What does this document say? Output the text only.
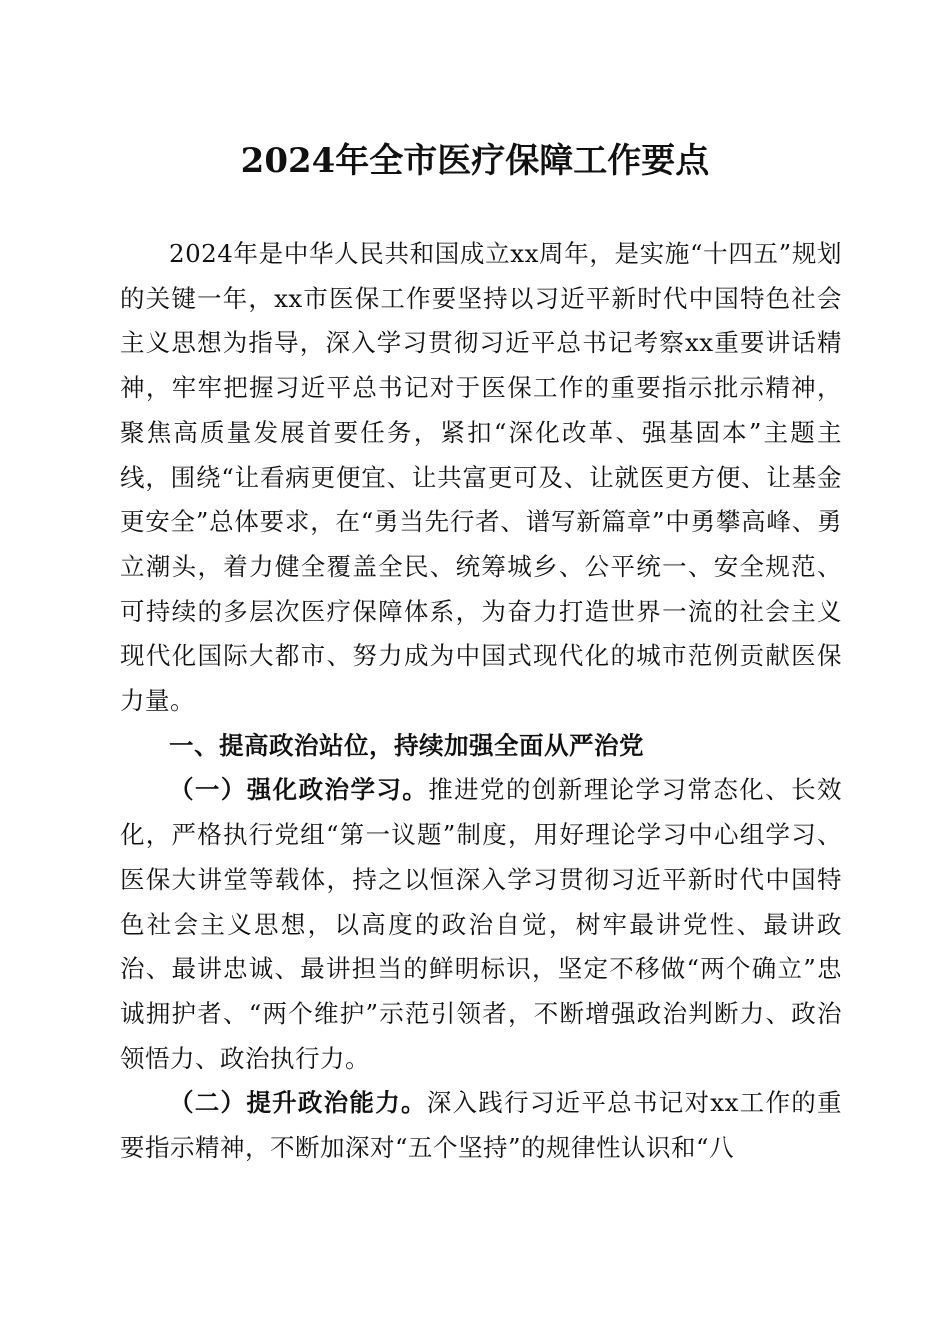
2024年全市医疗保障工作要点

2024年是中华人民共和国成立xx周年，是实施“十四五”规划的关键一年，xx市医保工作要坚持以习近平新时代中国特色社会主义思想为指导，深入学习贯彻习近平总书记考察xx重要讲话精神，牢牢把握习近平总书记对于医保工作的重要指示批示精神，聚焦高质量发展首要任务，紧扣“深化改革、强基固本”主题主线，围绕“让看病更便宜、让共富更可及、让就医更方便、让基金更安全”总体要求，在“勇当先行者、谱写新篇章”中勇攀高峰、勇立潮头，着力健全覆盖全民、统筹城乡、公平统一、安全规范、可持续的多层次医疗保障体系，为奋力打造世界一流的社会主义现代化国际大都市、努力成为中国式现代化的城市范例贡献医保力量。

一、提高政治站位，持续加强全面从严治党

（一）强化政治学习。推进党的创新理论学习常态化、长效化，严格执行党组“第一议题”制度，用好理论学习中心组学习、医保大讲堂等载体，持之以恒深入学习贯彻习近平新时代中国特色社会主义思想，以高度的政治自觉，树牢最讲党性、最讲政治、最讲忠诚、最讲担当的鲜明标识，坚定不移做“两个确立”忠诚拥护者、“两个维护”示范引领者，不断增强政治判断力、政治领悟力、政治执行力。

（二）提升政治能力。深入践行习近平总书记对xx工作的重要指示精神，不断加深对“五个坚持”的规律性认识和“八
